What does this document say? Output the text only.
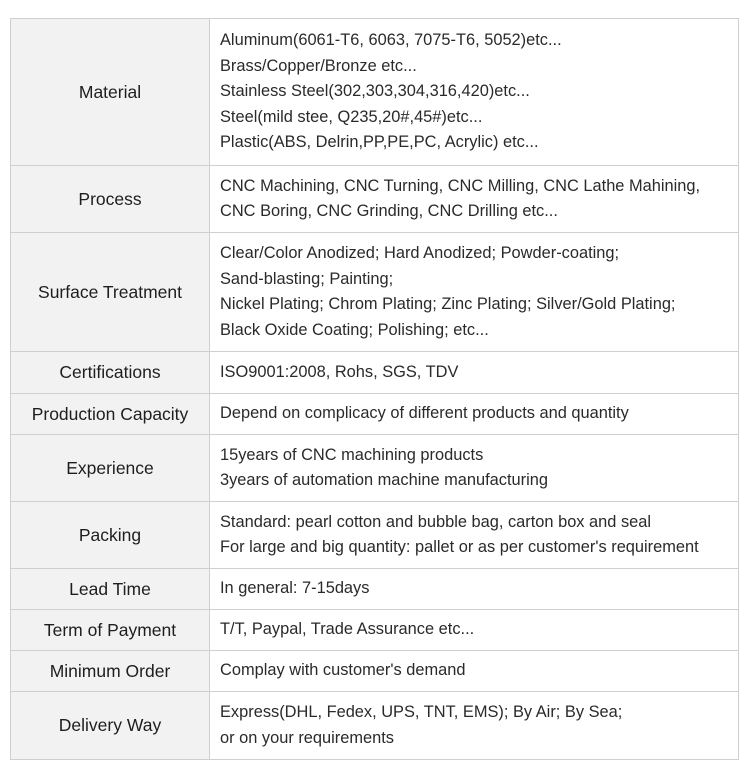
Material	Aluminum(6061-T6, 6063, 7075-T6, 5052)etc...
Brass/Copper/Bronze etc...
Stainless Steel(302,303,304,316,420)etc...
Steel(mild stee, Q235,20#,45#)etc...
Plastic(ABS, Delrin,PP,PE,PC, Acrylic) etc...

Process	CNC Machining, CNC Turning, CNC Milling, CNC Lathe Mahining,
CNC Boring, CNC Grinding, CNC Drilling etc...

Surface Treatment	Clear/Color Anodized; Hard Anodized; Powder-coating;
Sand-blasting; Painting;
Nickel Plating; Chrom Plating; Zinc Plating; Silver/Gold Plating;
Black Oxide Coating; Polishing; etc...

Certifications	ISO9001:2008, Rohs, SGS, TDV

Production Capacity	Depend on complicacy of different products and quantity

Experience	15years of CNC machining products
3years of automation machine manufacturing

Packing	Standard: pearl cotton and bubble bag, carton box and seal
For large and big quantity: pallet or as per customer's requirement

Lead Time	In general: 7-15days

Term of Payment	T/T, Paypal, Trade Assurance etc...

Minimum Order	Complay with customer's demand

Delivery Way	Express(DHL, Fedex, UPS, TNT, EMS); By Air; By Sea;
or on your requirements
